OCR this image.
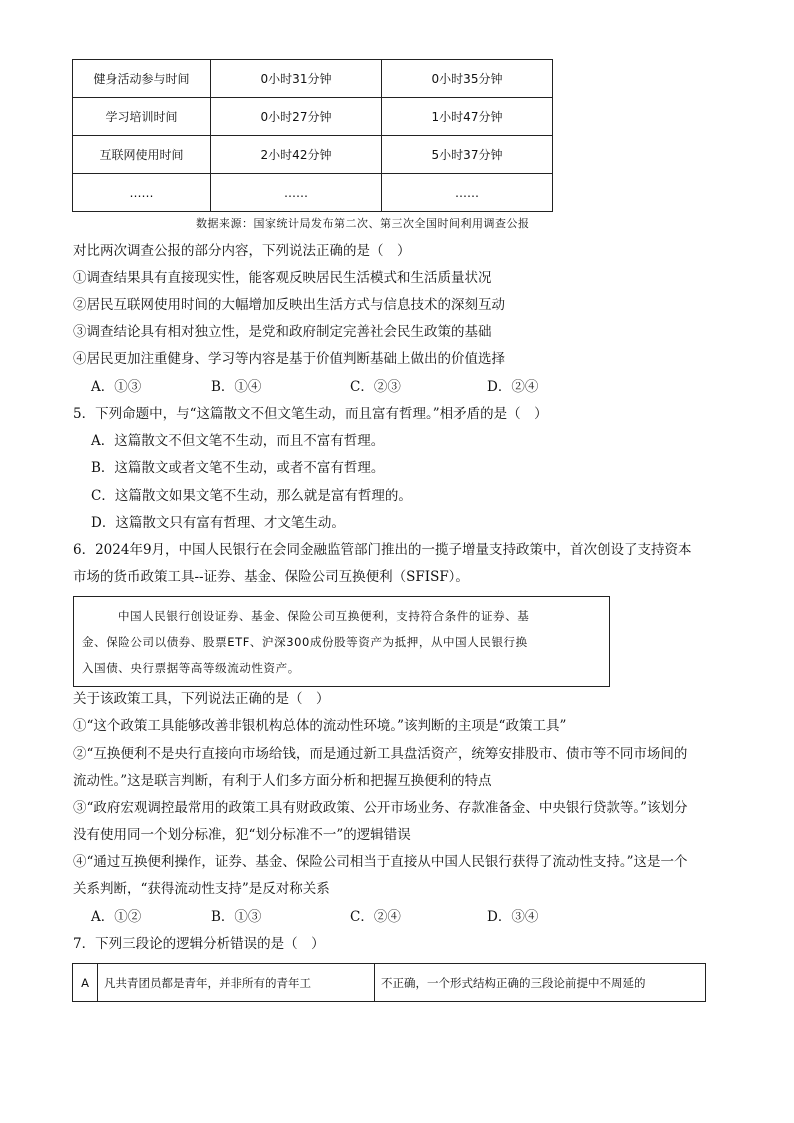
健身活动参与时间	0小时31分钟	0小时35分钟
学习培训时间	0小时27分钟	1小时47分钟
互联网使用时间	2小时42分钟	5小时37分钟
……	……	……
数据来源：国家统计局发布第二次、第三次全国时间利用调查公报
对比两次调查公报的部分内容，下列说法正确的是（　）
①调查结果具有直接现实性，能客观反映居民生活模式和生活质量状况
②居民互联网使用时间的大幅增加反映出生活方式与信息技术的深刻互动
③调查结论具有相对独立性，是党和政府制定完善社会民生政策的基础
④居民更加注重健身、学习等内容是基于价值判断基础上做出的价值选择
A．①③	B．①④	C．②③	D．②④
5．下列命题中，与“这篇散文不但文笔生动，而且富有哲理。”相矛盾的是（　）
A．这篇散文不但文笔不生动，而且不富有哲理。
B．这篇散文或者文笔不生动，或者不富有哲理。
C．这篇散文如果文笔不生动，那么就是富有哲理的。
D．这篇散文只有富有哲理、才文笔生动。
6．2024年9月，中国人民银行在会同金融监管部门推出的一揽子增量支持政策中，首次创设了支持资本
市场的货币政策工具--证券、基金、保险公司互换便利（SFISF）。
中国人民银行创设证券、基金、保险公司互换便利，支持符合条件的证券、基
金、保险公司以债券、股票ETF、沪深300成份股等资产为抵押，从中国人民银行换
入国债、央行票据等高等级流动性资产。
关于该政策工具，下列说法正确的是（　）
①“这个政策工具能够改善非银机构总体的流动性环境。”该判断的主项是“政策工具”
②“互换便利不是央行直接向市场给钱，而是通过新工具盘活资产，统筹安排股市、债市等不同市场间的
流动性。”这是联言判断，有利于人们多方面分析和把握互换便利的特点
③“政府宏观调控最常用的政策工具有财政政策、公开市场业务、存款准备金、中央银行贷款等。”该划分
没有使用同一个划分标准，犯“划分标准不一”的逻辑错误
④“通过互换便利操作，证券、基金、保险公司相当于直接从中国人民银行获得了流动性支持。”这是一个
关系判断，“获得流动性支持”是反对称关系
A．①②	B．①③	C．②④	D．③④
7．下列三段论的逻辑分析错误的是（　）
A	凡共青团员都是青年，并非所有的青年工	不正确，一个形式结构正确的三段论前提中不周延的
